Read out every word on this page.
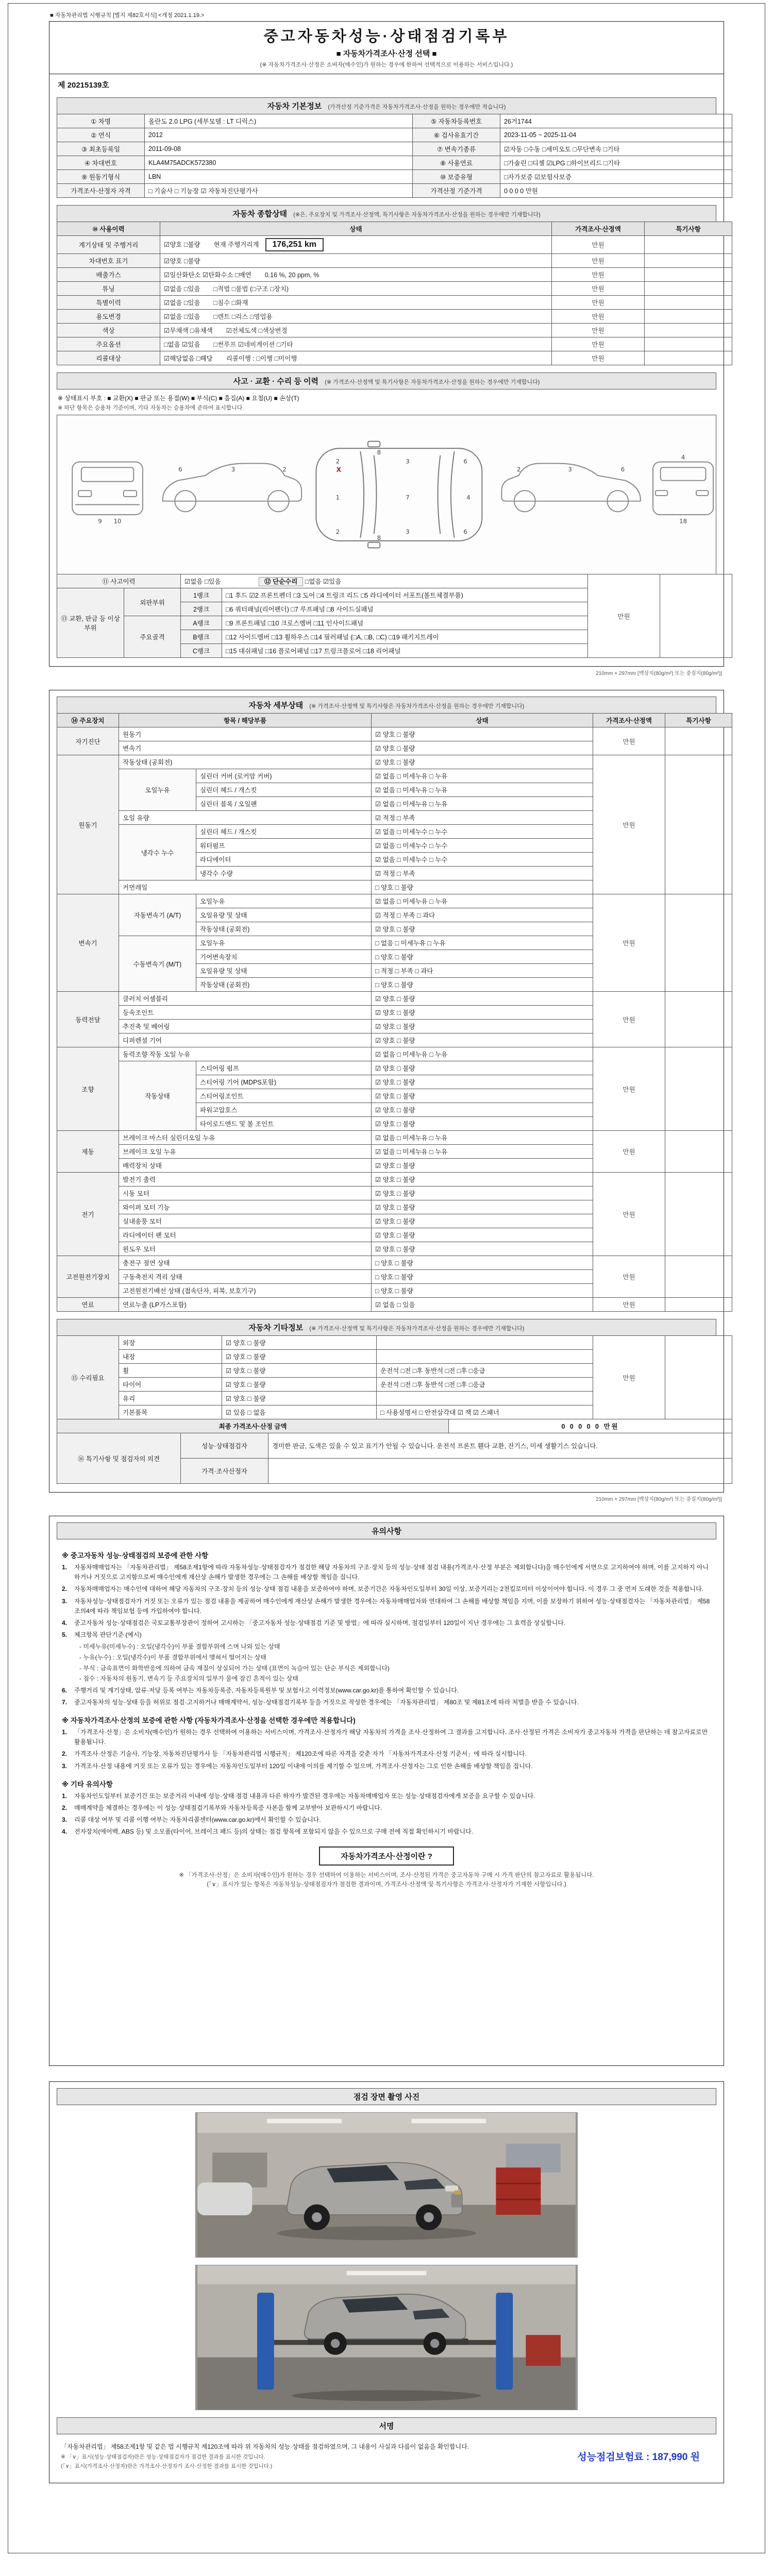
■ 자동차관리법 시행규칙 [별지 제82호서식] <개정 2021.1.19.>
중고자동차성능·상태점검기록부
■ 자동차가격조사·산정 선택 ■
(※ 자동차가격조사·산정은 소비자(매수인)가 원하는 경우에 한하여 선택적으로 이용하는 서비스입니다.)
제 20215139호
자동차 기본정보 (가격산정 기준가격은 자동차가격조사·산정을 원하는 경우에만 적습니다)
① 차명	올란도 2.0 LPG (세부모델 : LT 디럭스)	⑤ 자동차등록번호	26거1744
② 연식	2012	⑥ 검사유효기간	2023-11-05 ~ 2025-11-04
③ 최초등록일	2011-09-08	⑦ 변속기종류	☑자동 □수동 □세미오토 □무단변속 □기타
④ 차대번호	KLA4M75ADCK572380	⑧ 사용연료	□가솔린 □디젤 ☑LPG □하이브리드 □기타
⑨ 원동기형식	LBN	⑩ 보증유형	□자가보증 ☑보험사보증
가격조사·산정자 자격	□ 기술사 □ 기능장 ☑ 자동차진단평가사	가격산정 기준가격	0 0 0 0 만원
자동차 종합상태 (※은, 주요장치 및 가격조사·산정액, 특기사항은 자동차가격조사·산정을 원하는 경우에만 기재합니다)
⑩ 사용이력	상태	가격조사·산정액	특기사항
계기상태 및 주행거리	☑양호 □불량 현재 주행거리계 176,251 km	만원	
차대번호 표기	☑양호 □불량	만원	
배출가스	☑일산화탄소 ☑탄화수소 □매연 0.16 %, 20 ppm, %	만원	
튜닝	☑없음 □있음 □적법 □불법 (□구조 □장치)	만원	
특별이력	☑없음 □있음 □침수 □화재	만원	
용도변경	☑없음 □있음 □렌트 □리스 □영업용	만원	
색상	☑무채색 □유채색 ☑전체도색 □색상변경	만원	
주요옵션	□없음 ☑있음 □썬루프 ☑네비게이션 □기타	만원	
리콜대상	☑해당없음 □해당 리콜이행 : □이행 □미이행	만원	
사고 · 교환 · 수리 등 이력 (※ 가격조사·산정액 및 특기사항은 자동차가격조사·산정을 원하는 경우에만 기재합니다)
※ 상태표시 부호 : ■ 교환(X) ■ 판금 또는 용접(W) ■ 부식(C) ■ 흠집(A) ■ 요철(U) ■ 손상(T)
※ 하단 항목은 승용차 기준이며, 기타 자동차는 승용차에 준하여 표시합니다.
9 10
6	3	2
1	7	4
2
2
3
3
6
6
8
8
X	2	3	6
4
18
⑪ 사고이력		☑없음 □있음 ⑫ 단순수리 □없음 ☑있음		만원	
⑬ 교환, 판금 등 이상 부위	외판부위	1랭크	□1 후드 ☑2 프론트펜더 □3 도어 □4 트렁크 리드 □5 라디에이터 서포트(볼트체결부품)		
		2랭크	□6 쿼터패널(리어펜더) □7 루프패널 □8 사이드실패널		
	주요골격	A랭크	□9 프론트패널 □10 크로스멤버 □11 인사이드패널		
		B랭크	□12 사이드멤버 □13 휠하우스 □14 필러패널 (□A, □B, □C) □19 패키지트레이		
		C랭크	□15 대쉬패널 □16 플로어패널 □17 트렁크플로어 □18 리어패널		
210mm × 297mm [백상지(80g/m²) 또는 중질지(80g/m²)]
자동차 세부상태 (※ 가격조사·산정액 및 특기사항은 자동차가격조사·산정을 원하는 경우에만 기재합니다)
⑭ 주요장치	항목 / 해당부품		상태	가격조사·산정액	특기사항
자기진단	원동기		☑ 양호 □ 불량	만원	
	변속기		☑ 양호 □ 불량		
원동기	작동상태 (공회전)		☑ 양호 □ 불량	만원	
	오일누유	실린더 커버 (로커암 커버)	☑ 없음 □ 미세누유 □ 누유		
		실린더 헤드 / 개스킷	☑ 없음 □ 미세누유 □ 누유		
		실린더 블록 / 오일팬	☑ 없음 □ 미세누유 □ 누유		
	오일 유량		☑ 적정 □ 부족		
	냉각수 누수	실린더 헤드 / 개스킷	☑ 없음 □ 미세누수 □ 누수		
		워터펌프	☑ 없음 □ 미세누수 □ 누수		
		라디에이터	☑ 없음 □ 미세누수 □ 누수		
		냉각수 수량	☑ 적정 □ 부족		
	커먼레일		□ 양호 □ 불량		
변속기	자동변속기 (A/T)	오일누유	☑ 없음 □ 미세누유 □ 누유	만원	
		오일유량 및 상태	☑ 적정 □ 부족 □ 과다		
		작동상태 (공회전)	☑ 양호 □ 불량		
	수동변속기 (M/T)	오일누유	□ 없음 □ 미세누유 □ 누유		
		기어변속장치	□ 양호 □ 불량		
		오일유량 및 상태	□ 적정 □ 부족 □ 과다		
		작동상태 (공회전)	□ 양호 □ 불량		
동력전달	클러치 어셈블리		☑ 양호 □ 불량	만원	
	등속조인트		☑ 양호 □ 불량		
	추진축 및 베어링		☑ 양호 □ 불량		
	디퍼렌셜 기어		☑ 양호 □ 불량		
조향	동력조향 작동 오일 누유		☑ 없음 □ 미세누유 □ 누유	만원	
	작동상태	스티어링 펌프	☑ 양호 □ 불량		
		스티어링 기어 (MDPS포함)	☑ 양호 □ 불량		
		스티어링조인트	☑ 양호 □ 불량		
		파워고압호스	☑ 양호 □ 불량		
		타이로드엔드 및 볼 조인트	☑ 양호 □ 불량		
제동	브레이크 마스터 실린더오일 누유		☑ 없음 □ 미세누유 □ 누유	만원	
	브레이크 오일 누유		☑ 없음 □ 미세누유 □ 누유		
	배력장치 상태		☑ 양호 □ 불량		
전기	발전기 출력		☑ 양호 □ 불량	만원	
	시동 모터		☑ 양호 □ 불량		
	와이퍼 모터 기능		☑ 양호 □ 불량		
	실내송풍 모터		☑ 양호 □ 불량		
	라디에이터 팬 모터		☑ 양호 □ 불량		
	윈도우 모터		☑ 양호 □ 불량		
고전원전기장치	충전구 절연 상태		□ 양호 □ 불량	만원	
	구동축전지 격리 상태		□ 양호 □ 불량		
	고전원전기배선 상태 (접속단자, 피복, 보호기구)		□ 양호 □ 불량		
연료	연료누출 (LP가스포함)		☑ 없음 □ 있음	만원	
자동차 기타정보 (※ 가격조사·산정액 및 특기사항은 자동차가격조사·산정을 원하는 경우에만 기재합니다)
⑮ 수리필요	외장	☑ 양호 □ 불량		만원	
	내장	☑ 양호 □ 불량			
	휠	☑ 양호 □ 불량	운전석 □전 □후 동반석 □전 □후 □응급		
	타이어	☑ 양호 □ 불량	운전석 □전 □후 동반석 □전 □후 □응급		
	유리	☑ 양호 □ 불량			
	기본품목	☑ 있음 □ 없음	□ 사용설명서 □ 안전삼각대 ☑ 잭 ☑ 스패너		
최종 가격조사·산정 금액	0 0 0 0 0 만원
⑯ 특기사항 및 점검자의 의견	성능·상태점검자	경미한 판금, 도색은 있을 수 있고 표기가 안될 수 있습니다. 운전석 프론트 휀다 교환, 잔기스, 미세 생활기스 있습니다.
	가격·조사산정자	
210mm × 297mm [백상지(80g/m²) 또는 중질지(80g/m²)]
유의사항
※ 중고자동차 성능·상태점검의 보증에 관한 사항
1.	자동차매매업자는 「자동차관리법」 제58조제1항에 따라 자동차성능·상태점검자가 점검한 해당 자동차의 구조·장치 등의 성능·상태 점검 내용(가격조사·산정 부분은 제외합니다)을 매수인에게 서면으로 고지하여야 하며, 이를 고지하지 아니하거나 거짓으로 고지함으로써 매수인에게 재산상 손해가 발생한 경우에는 그 손해를 배상할 책임을 집니다.
2.	자동차매매업자는 매수인에 대하여 해당 자동차의 구조·장치 등의 성능·상태 점검 내용을 보증하여야 하며, 보증기간은 자동차인도일부터 30일 이상, 보증거리는 2천킬로미터 이상이어야 합니다. 이 경우 그 중 먼저 도래한 것을 적용합니다.
3.	자동차성능·상태점검자가 거짓 또는 오류가 있는 점검 내용을 제공하여 매수인에게 재산상 손해가 발생한 경우에는 자동차매매업자와 연대하여 그 손해를 배상할 책임을 지며, 이를 보장하기 위하여 성능·상태점검자는 「자동차관리법」 제58조의4에 따라 책임보험 등에 가입하여야 합니다.
4.	중고자동차 성능·상태점검은 국토교통부장관이 정하여 고시하는 「중고자동차 성능·상태점검 기준 및 방법」에 따라 실시하며, 점검일부터 120일이 지난 경우에는 그 효력을 상실합니다.
5.	체크항목 판단기준 (예시)
- 미세누유(미세누수) : 오일(냉각수)이 부품 결합부위에 스며 나와 있는 상태
- 누유(누수) : 오일(냉각수)이 부품 결합부위에서 맺혀서 떨어지는 상태
- 부식 : 금속표면이 화학반응에 의하여 금속 재질이 상실되어 가는 상태 (표면이 녹슬어 있는 단순 부식은 제외합니다)
- 침수 : 자동차의 원동기, 변속기 등 주요장치의 일부가 물에 잠긴 흔적이 있는 상태
6.	주행거리 및 계기상태, 압류·저당 등록 여부는 자동차등록증, 자동차등록원부 및 보험사고 이력정보(www.car.go.kr)를 통하여 확인할 수 있습니다.
7.	중고자동차의 성능·상태 등을 허위로 점검·고지하거나 매매계약서, 성능·상태점검기록부 등을 거짓으로 작성한 경우에는 「자동차관리법」 제80조 및 제81조에 따라 처벌을 받을 수 있습니다.
※ 자동차가격조사·산정의 보증에 관한 사항 (자동차가격조사·산정을 선택한 경우에만 적용합니다)
1.	「가격조사·산정」은 소비자(매수인)가 원하는 경우 선택하여 이용하는 서비스이며, 가격조사·산정자가 해당 자동차의 가격을 조사·산정하여 그 결과를 고지합니다. 조사·산정된 가격은 소비자가 중고자동차 가격을 판단하는 데 참고자료로만 활용됩니다.
2.	가격조사·산정은 기술사, 기능장, 자동차진단평가사 등 「자동차관리법 시행규칙」 제120조에 따른 자격을 갖춘 자가 「자동차가격조사·산정 기준서」에 따라 실시합니다.
3.	가격조사·산정 내용에 거짓 또는 오류가 있는 경우에는 자동차인도일부터 120일 이내에 이의를 제기할 수 있으며, 가격조사·산정자는 그로 인한 손해를 배상할 책임을 집니다.
※ 기타 유의사항
1.	자동차인도일부터 보증기간 또는 보증거리 이내에 성능·상태 점검 내용과 다른 하자가 발견된 경우에는 자동차매매업자 또는 성능·상태점검자에게 보증을 요구할 수 있습니다.
2.	매매계약을 체결하는 경우에는 이 성능·상태점검기록부와 자동차등록증 사본을 함께 교부받아 보관하시기 바랍니다.
3.	리콜 대상 여부 및 리콜 이행 여부는 자동차리콜센터(www.car.go.kr)에서 확인할 수 있습니다.
4.	전자장치(에어백, ABS 등) 및 소모품(타이어, 브레이크 패드 등)의 상태는 점검 항목에 포함되지 않을 수 있으므로 구매 전에 직접 확인하시기 바랍니다.
자동차가격조사·산정이란 ?
※ 「가격조사·산정」은 소비자(매수인)가 원하는 경우 선택하여 이용하는 서비스이며, 조사·산정된 가격은 중고자동차 구매 시 가격 판단의 참고자료로 활용됩니다.
(「∨」표시가 있는 항목은 자동차성능·상태점검자가 점검한 결과이며, 가격조사·산정액 및 특기사항은 가격조사·산정자가 기재한 사항입니다.)
점검 장면 촬영 사진
서명
「자동차관리법」 제58조제1항 및 같은 법 시행규칙 제120조에 따라 위 자동차의 성능·상태를 점검하였으며, 그 내용이 사실과 다름이 없음을 확인합니다.
※ 「∨」표시(성능·상태점검자)란은 성능·상태점검자가 점검한 결과를 표시한 것입니다.
(「∨」표시(가격조사·산정자)란은 가격조사·산정자가 조사·산정한 결과를 표시한 것입니다.)
성능점검보험료 : 187,990 원
